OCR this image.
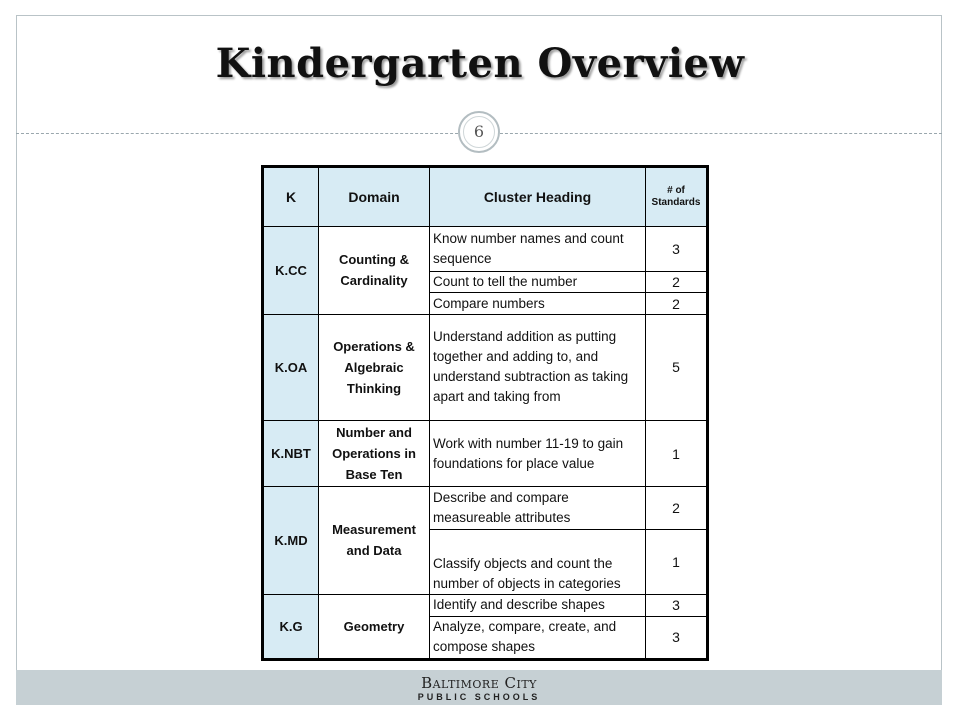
Kindergarten Overview
6
K	Domain	Cluster Heading	# of Standards
K.CC	Counting & Cardinality	Know number names and count sequence	3
		Count to tell the number	2
		Compare numbers	2
K.OA	Operations & Algebraic Thinking	Understand addition as putting together and adding to, and understand subtraction as taking apart and taking from	5
K.NBT	Number and Operations in Base Ten	Work with number 11-19 to gain foundations for place value	1
K.MD	Measurement and Data	Describe and compare measureable attributes	2
		Classify objects and count the number of objects in categories	1
K.G	Geometry	Identify and describe shapes	3
		Analyze, compare, create, and compose shapes	3
Baltimore City
PUBLIC SCHOOLS
